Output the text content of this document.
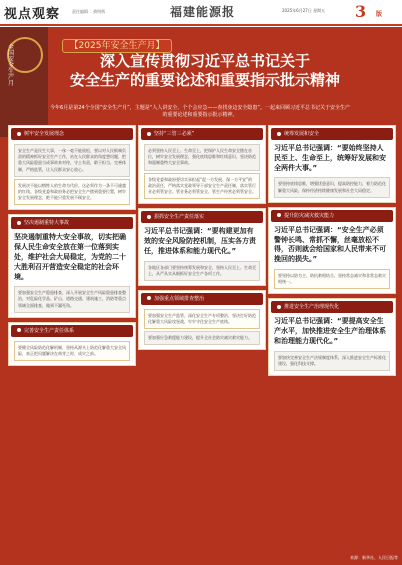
视点观察	责任编辑 ：俞明辉	福建能源报	2025年6月27日 星期五 3 版
全国安全生产月
【2025年安全生产月】
深入宣传贯彻习近平总书记关于
安全生产的重要论述和重要指示批示精神
今年6月是第24个全国“安全生产月”，主题是“人人讲安全、个个会应急——查找身边安全隐患”。一起来回顾习近平总书记关于安全生产的重要论述和重要指示批示精神。
树牢安全发展理念
安全生产是民生大事，一丝一毫不能放松，要以对人民极端负责的精神抓好安全生产工作，站在人民群众的角度想问题，把重大风险隐患当成事故来对待，守土有责，敢于担当，完善体制，严格监管，让人民群众安心放心。
发展决不能以牺牲人的生命为代价。这必须作为一条不可逾越的红线。各级党委和政府务必把安全生产摆到重要位置，树牢安全发展理念，绝不能只重发展不顾安全。
坚决遏制重特大事故
坚决遏制重特大安全事故，切实把确保人民生命安全放在第一位落到实处，维护社会大局稳定，为党的二十大胜利召开营造安全稳定的社会环境。
要加强安全生产隐患排查，深入开展安全生产风险隐患排查整治，对危险化学品、矿山、道路交通、建筑施工、消防等重点领域全面排查，做到不漏死角。
完善安全生产责任体系
要健全风险防范化解机制，坚持从源头上防范化解重大安全风险，真正把问题解决在萌芽之时、成灾之前。
坚持“三管三必须”
必须坚持人民至上、生命至上，把保护人民生命安全摆在首位，树牢安全发展理念，强化底线思维和红线意识，坚决防范和遏制重特大安全事故。
各级党委和政府要切实承担起“促一方发展、保一方平安”的政治责任，严格落实党政领导干部安全生产责任制，落实管行业必须管安全、管业务必须管安全、管生产经营必须管安全。
狠抓安全生产责任落实
习近平总书记强调：“要构建更加有效的安全风险防控机制，压实各方责任，推进体系和能力现代化。”
各地区各部门要坚持统筹发展和安全，坚持人民至上、生命至上，从严从实从细抓好安全生产各项工作。
加强重点领域排查整治
要加强安全生产监管，深化安全生产专项整治，坚决打好防范化解重大风险攻坚战，牢牢守住安全生产底线。
要加强应急救援能力建设，提升全社会防灾减灾救灾能力。
统筹发展和安全
习近平总书记强调：“要始终坚持人民至上、生命至上，统筹好发展和安全两件大事。”
要坚持底线思维，增强忧患意识，提高防控能力，着力防范化解重大风险，保持经济持续健康发展和社会大局稳定。
提升防灾减灾救灾能力
习近平总书记强调：“安全生产必须警钟长鸣、常抓不懈，丝毫放松不得，否则就会给国家和人民带来不可挽回的损失。”
要坚持以防为主、防抗救相结合，坚持常态减灾和非常态救灾相统一。
推进安全生产治理现代化
习近平总书记强调：“要提高安全生产水平，加快推进安全生产治理体系和治理能力现代化。”
要加快完善安全生产法规制度体系，深入推进安全生产标准化建设，强化科技支撑。
来源：新华社、人民日报等
